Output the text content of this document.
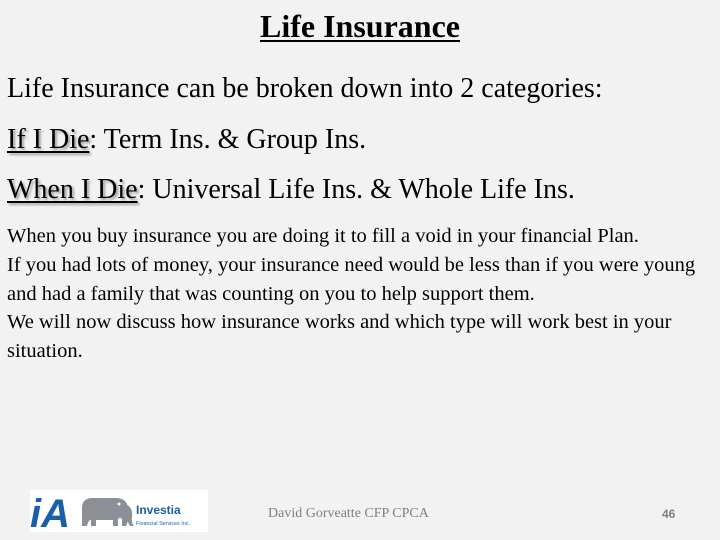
Life Insurance
Life Insurance can be broken down into 2 categories:
If I Die: Term Ins. & Group Ins.
When I Die: Universal Life Ins. & Whole Life Ins.

When you buy insurance you are doing it to fill a void in your financial Plan.

If you had lots of money, your insurance need would be less than if you were young and had a family that was counting on you to help support them.

We will now discuss how insurance works and which type will work best in your situation.

iA	Investia
Financial Services Inc.
David Gorveatte CFP CPCA	46
